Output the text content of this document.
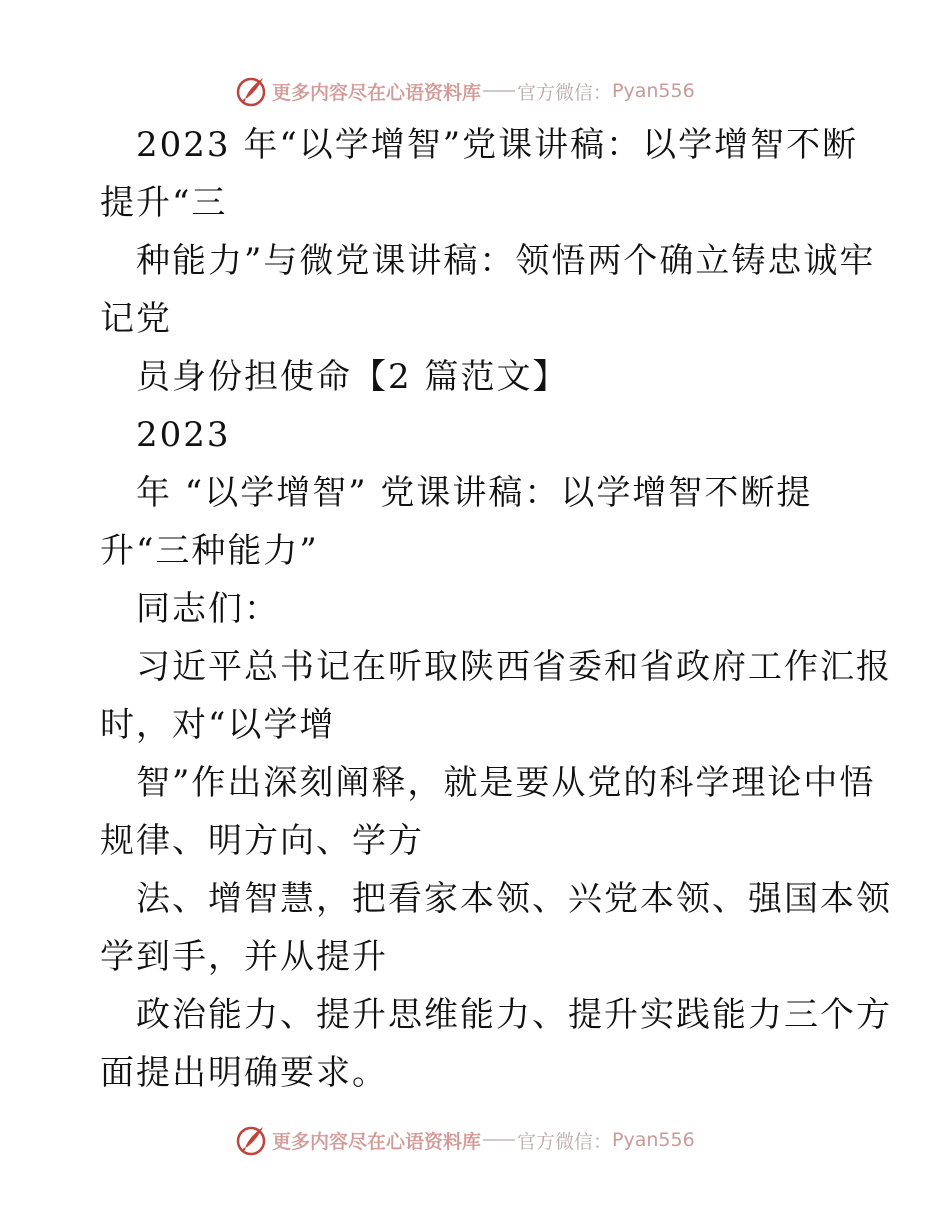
更多内容尽在心语资料库 官方微信： Pyan556

2023 年“以学增智”党课讲稿：以学增智不断

提升“三

种能力”与微党课讲稿：领悟两个确立铸忠诚牢

记党

员身份担使命【2 篇范文】

2023

年 “以学增智” 党课讲稿：以学增智不断提

升“三种能力”

同志们：

习近平总书记在听取陕西省委和省政府工作汇报

时，对“以学增

智”作出深刻阐释，就是要从党的科学理论中悟

规律、明方向、学方

法、增智慧，把看家本领、兴党本领、强国本领

学到手，并从提升

政治能力、提升思维能力、提升实践能力三个方

面提出明确要求。

更多内容尽在心语资料库 官方微信： Pyan556
